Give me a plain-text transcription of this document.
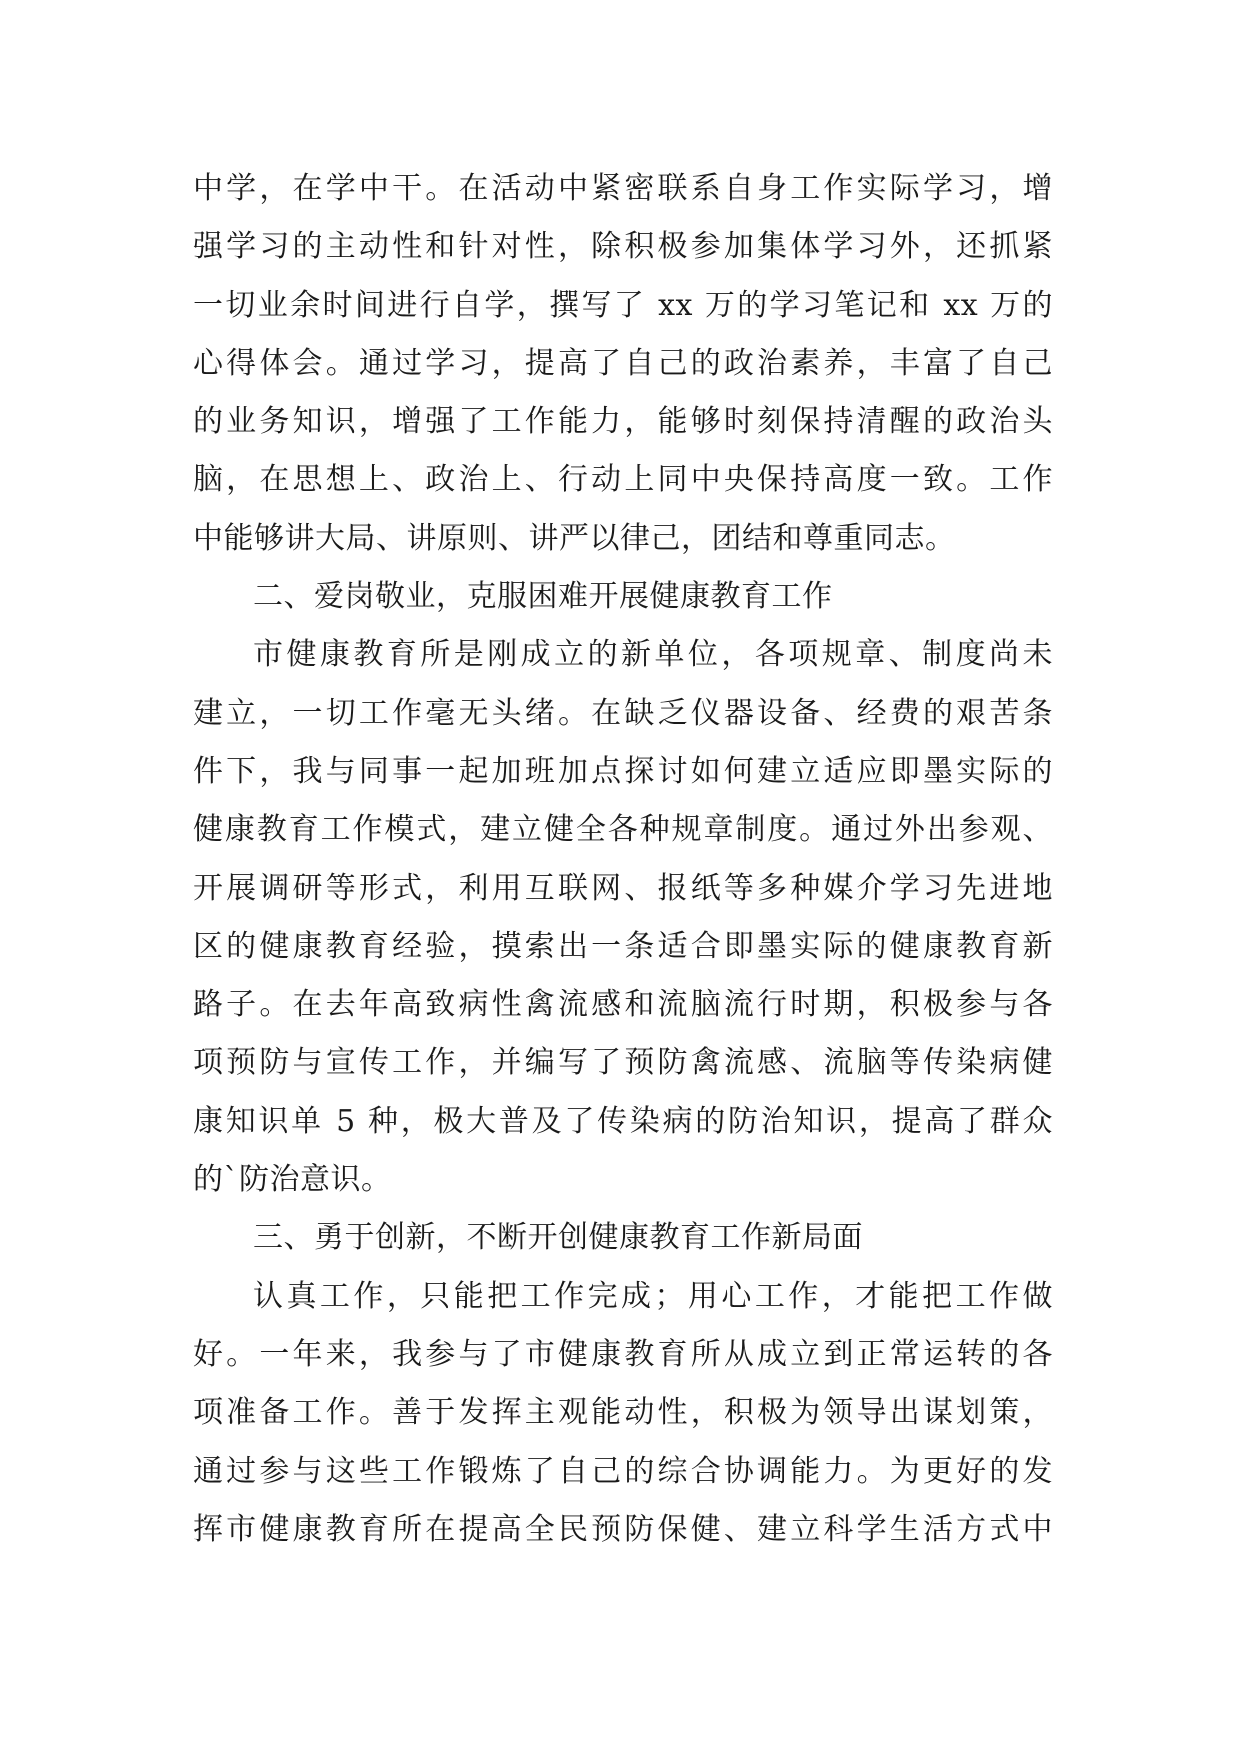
中学，在学中干。在活动中紧密联系自身工作实际学习，增
强学习的主动性和针对性，除积极参加集体学习外，还抓紧
一切业余时间进行自学，撰写了 xx 万的学习笔记和 xx 万的
心得体会。通过学习，提高了自己的政治素养，丰富了自己
的业务知识，增强了工作能力，能够时刻保持清醒的政治头
脑，在思想上、政治上、行动上同中央保持高度一致。工作
中能够讲大局、讲原则、讲严以律己，团结和尊重同志。
二、爱岗敬业，克服困难开展健康教育工作
市健康教育所是刚成立的新单位，各项规章、制度尚未
建立，一切工作毫无头绪。在缺乏仪器设备、经费的艰苦条
件下，我与同事一起加班加点探讨如何建立适应即墨实际的
健康教育工作模式，建立健全各种规章制度。通过外出参观、
开展调研等形式，利用互联网、报纸等多种媒介学习先进地
区的健康教育经验，摸索出一条适合即墨实际的健康教育新
路子。在去年高致病性禽流感和流脑流行时期，积极参与各
项预防与宣传工作，并编写了预防禽流感、流脑等传染病健
康知识单 5 种，极大普及了传染病的防治知识，提高了群众
的`防治意识。
三、勇于创新，不断开创健康教育工作新局面
认真工作，只能把工作完成；用心工作，才能把工作做
好。一年来，我参与了市健康教育所从成立到正常运转的各
项准备工作。善于发挥主观能动性，积极为领导出谋划策，
通过参与这些工作锻炼了自己的综合协调能力。为更好的发
挥市健康教育所在提高全民预防保健、建立科学生活方式中
